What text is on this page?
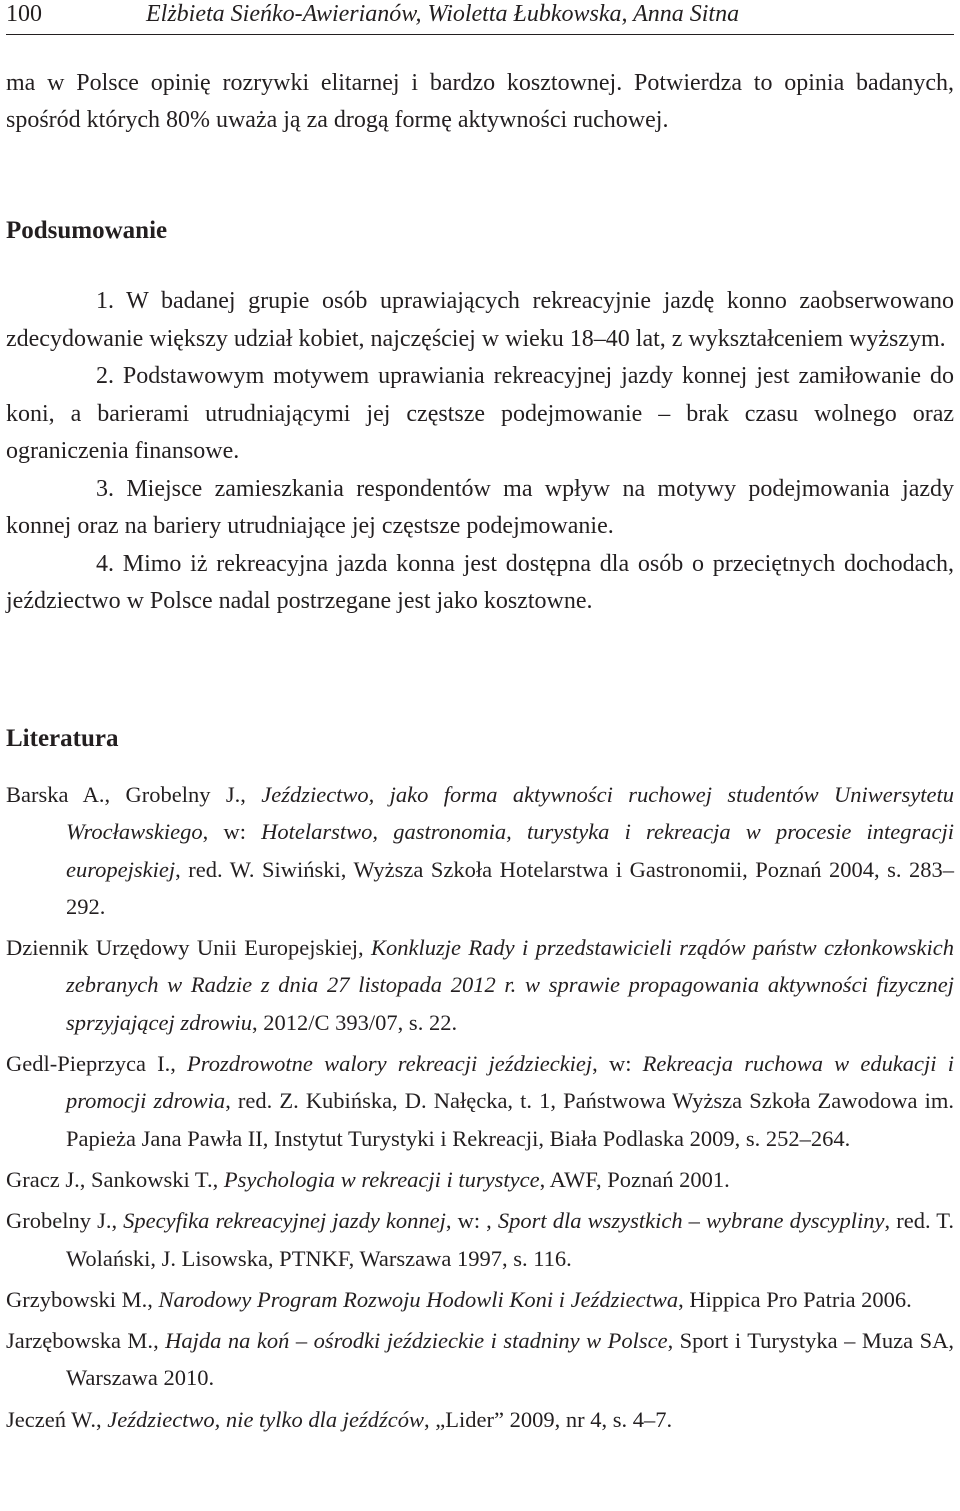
100	Elżbieta Sieńko-Awierianów, Wioletta Łubkowska, Anna Sitna

ma w Polsce opinię rozrywki elitarnej i bardzo kosztownej. Potwierdza to opinia badanych, spośród których 80% uważa ją za drogą formę aktywności ruchowej.

Podsumowanie

1. W badanej grupie osób uprawiających rekreacyjnie jazdę konno zaobserwowano zdecydowanie większy udział kobiet, najczęściej w wieku 18–40 lat, z wykształceniem wyższym.

2. Podstawowym motywem uprawiania rekreacyjnej jazdy konnej jest zamiłowanie do koni, a barierami utrudniającymi jej częstsze podejmowanie – brak czasu wolnego oraz ograniczenia finansowe.

3. Miejsce zamieszkania respondentów ma wpływ na motywy podejmowania jazdy konnej oraz na bariery utrudniające jej częstsze podejmowanie.

4. Mimo iż rekreacyjna jazda konna jest dostępna dla osób o przeciętnych dochodach, jeździectwo w Polsce nadal postrzegane jest jako kosztowne.

Literatura

Barska A., Grobelny J., Jeździectwo, jako forma aktywności ruchowej studentów Uniwersytetu Wrocławskiego, w: Hotelarstwo, gastronomia, turystyka i rekreacja w procesie integracji europejskiej, red. W. Siwiński, Wyższa Szkoła Hotelarstwa i Gastronomii, Poznań 2004, s. 283–292.

Dziennik Urzędowy Unii Europejskiej, Konkluzje Rady i przedstawicieli rządów państw członkowskich zebranych w Radzie z dnia 27 listopada 2012 r. w sprawie propagowania aktywności fizycznej sprzyjającej zdrowiu, 2012/C 393/07, s. 22.

Gedl-Pieprzyca I., Prozdrowotne walory rekreacji jeździeckiej, w: Rekreacja ruchowa w edukacji i promocji zdrowia, red. Z. Kubińska, D. Nałęcka, t. 1, Państwowa Wyższa Szkoła Zawodowa im. Papieża Jana Pawła II, Instytut Turystyki i Rekreacji, Biała Podlaska 2009, s. 252–264.

Gracz J., Sankowski T., Psychologia w rekreacji i turystyce, AWF, Poznań 2001.

Grobelny J., Specyfika rekreacyjnej jazdy konnej, w: , Sport dla wszystkich – wybrane dyscypliny, red. T. Wolański, J. Lisowska, PTNKF, Warszawa 1997, s. 116.

Grzybowski M., Narodowy Program Rozwoju Hodowli Koni i Jeździectwa, Hippica Pro Patria 2006.

Jarzębowska M., Hajda na koń – ośrodki jeździeckie i stadniny w Polsce, Sport i Turystyka – Muza SA, Warszawa 2010.

Jeczeń W., Jeździectwo, nie tylko dla jeźdźców, „Lider” 2009, nr 4, s. 4–7.
